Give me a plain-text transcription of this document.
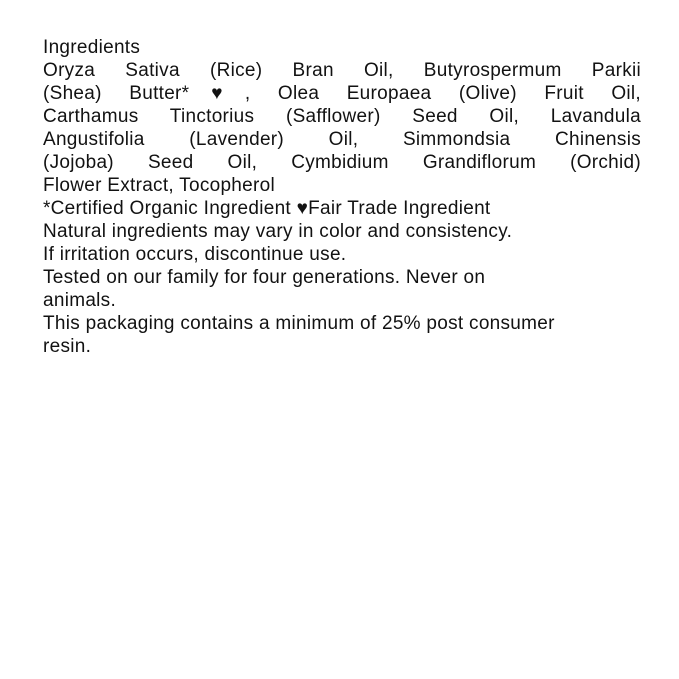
Ingredients
Oryza Sativa (Rice) Bran Oil, Butyrospermum Parkii
(Shea) Butter*♥, Olea Europaea (Olive) Fruit Oil,
Carthamus Tinctorius (Safflower) Seed Oil, Lavandula
Angustifolia (Lavender) Oil, Simmondsia Chinensis
(Jojoba) Seed Oil, Cymbidium Grandiflorum (Orchid)
Flower Extract, Tocopherol
*Certified Organic Ingredient ♥Fair Trade Ingredient
Natural ingredients may vary in color and consistency.
If irritation occurs, discontinue use.
Tested on our family for four generations. Never on
animals.
This packaging contains a minimum of 25% post consumer
resin.
